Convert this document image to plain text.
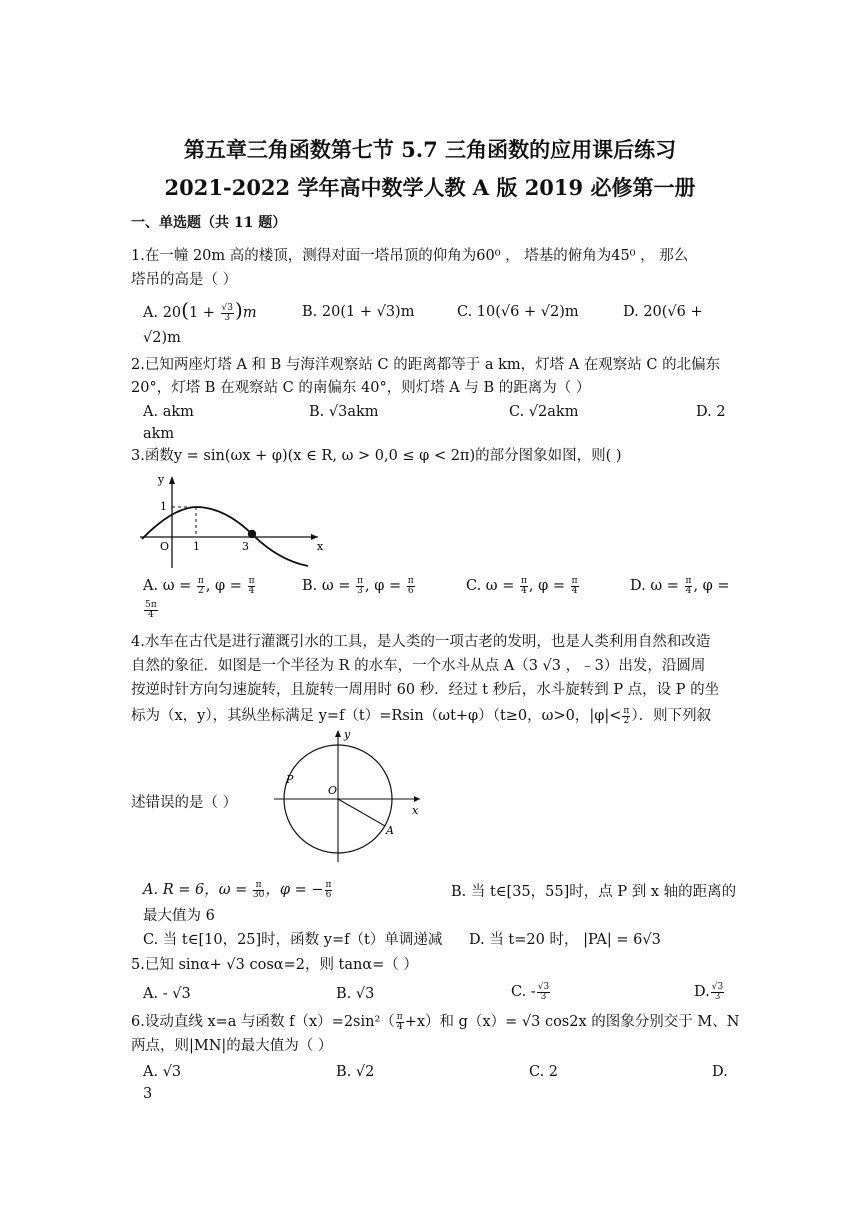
第五章三角函数第七节 5.7 三角函数的应用课后练习
2021-2022 学年高中数学人教 A 版 2019 必修第一册
一、单选题（共 11 题）
1.在一幢 20m 高的楼顶，测得对面一塔吊顶的仰角为60⁰ ， 塔基的俯角为45⁰ ， 那么
塔吊的高是（ ）
A. $20(1 + \frac{√3}{3} )m$	B. 20(1 + √3)m	C. 10(√6 + √2)m	D. 20(√6 +
√2)m
2.已知两座灯塔 A 和 B 与海洋观察站 C 的距离都等于 a km，灯塔 A 在观察站 C 的北偏东
20°，灯塔 B 在观察站 C 的南偏东 40°，则灯塔 A 与 B 的距离为（ ）
A. akm	B. √3akm	C. √2akm	D. 2
akm
3.函数y = sin(ωx + φ)(x ∈ R, ω > 0,0 ≤ φ < 2π)的部分图象如图，则( )
y
x
O 1	3
1
A. $\omega = \frac{\pi}{2}$ , $\varphi = \frac{\pi}{4}$	B. $\omega = \frac{\pi}{3}$ , $\varphi = \frac{\pi}{6}$	C. $\omega = \frac{\pi}{4}$ , $\varphi = \frac{\pi}{4}$	D. $\omega = \frac{\pi}{4}$ , φ =
$\frac{5\pi}{4}$
4.水车在古代是进行灌溉引水的工具，是人类的一项古老的发明，也是人类利用自然和改造
自然的象征．如图是一个半径为 R 的水车，一个水斗从点 A（3 √3 ，﹣3）出发，沿圆周
按逆时针方向匀速旋转，且旋转一周用时 60 秒．经过 t 秒后，水斗旋转到 P 点，设 P 的坐
标为（x，y），其纵坐标满足 y=f（t）=Rsin（ωt+φ）（t≥0，ω>0，$|\varphi|< \frac{\pi}{2}$ ）．则下列叙
y
x
O
P
A
述错误的是（ ）
A. R = 6，$\omega = \frac{\pi}{30}$ ，φ = − $\frac{\pi}{6}$	B. 当 t∈[35，55]时，点 P 到 x 轴的距离的
最大值为 6
C. 当 t∈[10，25]时，函数 y=f（t）单调递减 D. 当 t=20 时， |PA| = 6√3
5.已知 sinα+ √3 cosα=2，则 tanα=（ ）
A. - √3	B. √3	C. - $\frac{√3}{3}$	D. $\frac{√3}{3}$
6.设动直线 x=a 与函数 $f(x)=2\sin^2( \frac{\pi}{4} +x)$和 g（x）= √3 cos2x 的图象分别交于 M、N
两点，则|MN|的最大值为（ ）
A. √3	B. √2	C. 2	D.
3
